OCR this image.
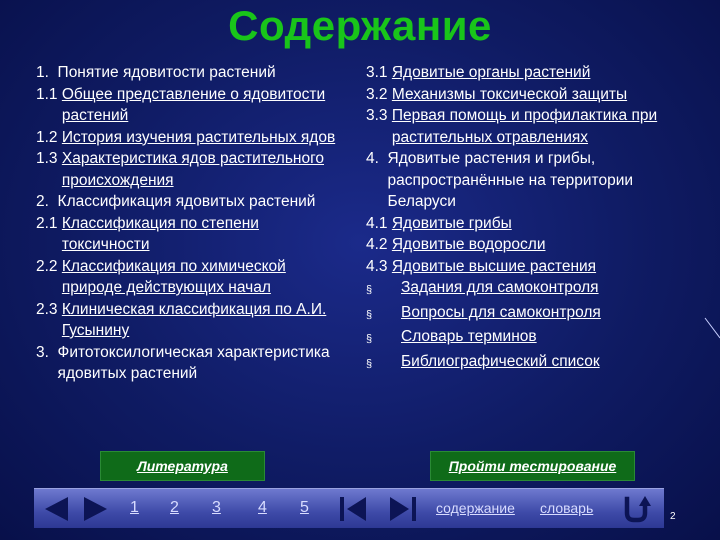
Содержание
1. Понятие ядовитости растений
1.1 Общее представление о ядовитости растений
1.2 История изучения растительных ядов
1.3 Характеристика ядов растительного происхождения
2. Классификация ядовитых растений
2.1 Классификация по степени токсичности
2.2 Классификация по химической природе действующих начал
2.3 Клиническая классификация по А.И. Гусынину
3. Фитотоксилогическая характеристика ядовитых растений
3.1 Ядовитые органы растений
3.2 Механизмы токсической защиты
3.3 Первая помощь и профилактика при растительных отравлениях
4. Ядовитые растения и грибы, распространённые на территории Беларуси
4.1 Ядовитые грибы
4.2 Ядовитые водоросли
4.3 Ядовитые высшие растения
§	Задания для самоконтроля
§	Вопросы для самоконтроля
§	Словарь терминов
§	Библиографический список
Литература	Пройти тестирование
1 2 3 4 5	содержание словарь
2
